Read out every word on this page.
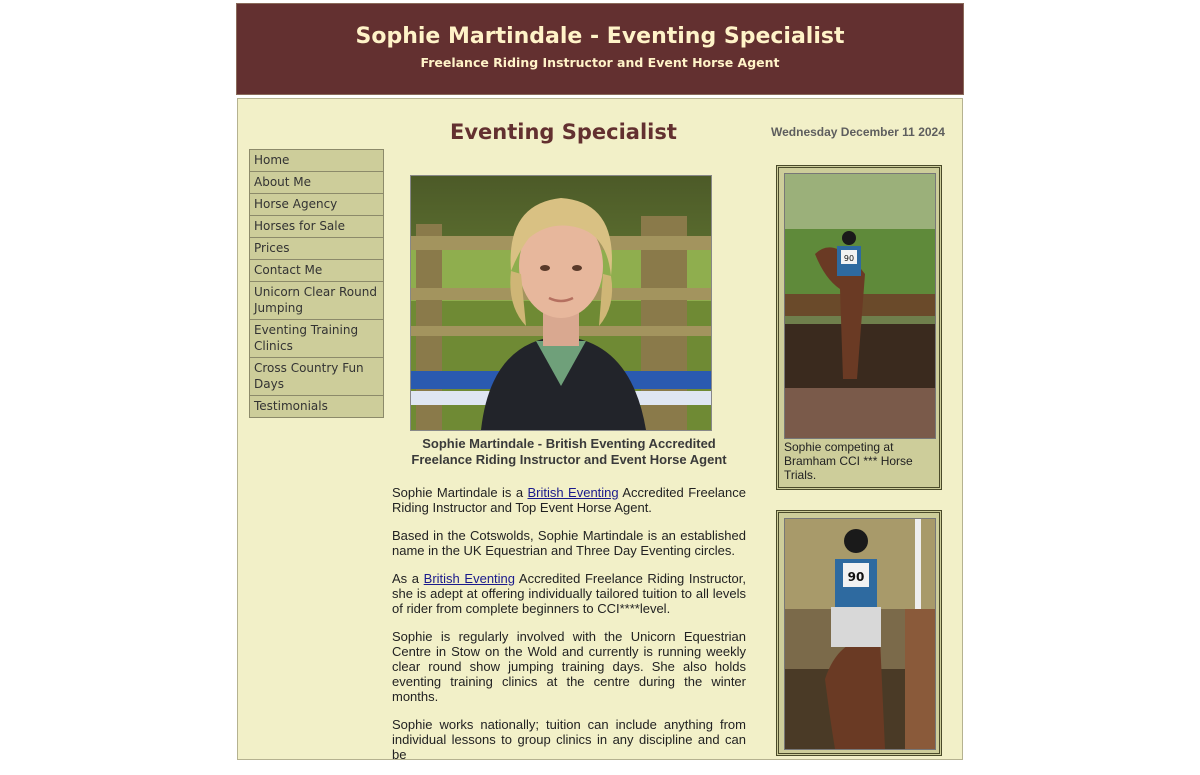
Sophie Martindale - Eventing Specialist
Freelance Riding Instructor and Event Horse Agent
Eventing Specialist	Wednesday December 11 2024
Home
About Me
Horse Agency
Horses for Sale
Prices
Contact Me
Unicorn Clear Round Jumping
Eventing Training Clinics
Cross Country Fun Days
Testimonials
Sophie Martindale - British Eventing Accredited
Freelance Riding Instructor and Event Horse Agent

Sophie Martindale is a British Eventing Accredited Freelance Riding Instructor and Top Event Horse Agent.

Based in the Cotswolds, Sophie Martindale is an established name in the UK Equestrian and Three Day Eventing circles.

As a British Eventing Accredited Freelance Riding Instructor, she is adept at offering individually tailored tuition to all levels of rider from complete beginners to CCI****level.

Sophie is regularly involved with the Unicorn Equestrian Centre in Stow on the Wold and currently is running weekly clear round show jumping training days. She also holds eventing training clinics at the centre during the winter months.

Sophie works nationally; tuition can include anything from individual lessons to group clinics in any discipline and can be

90
Sophie competing at Bramham CCI *** Horse Trials.
90
